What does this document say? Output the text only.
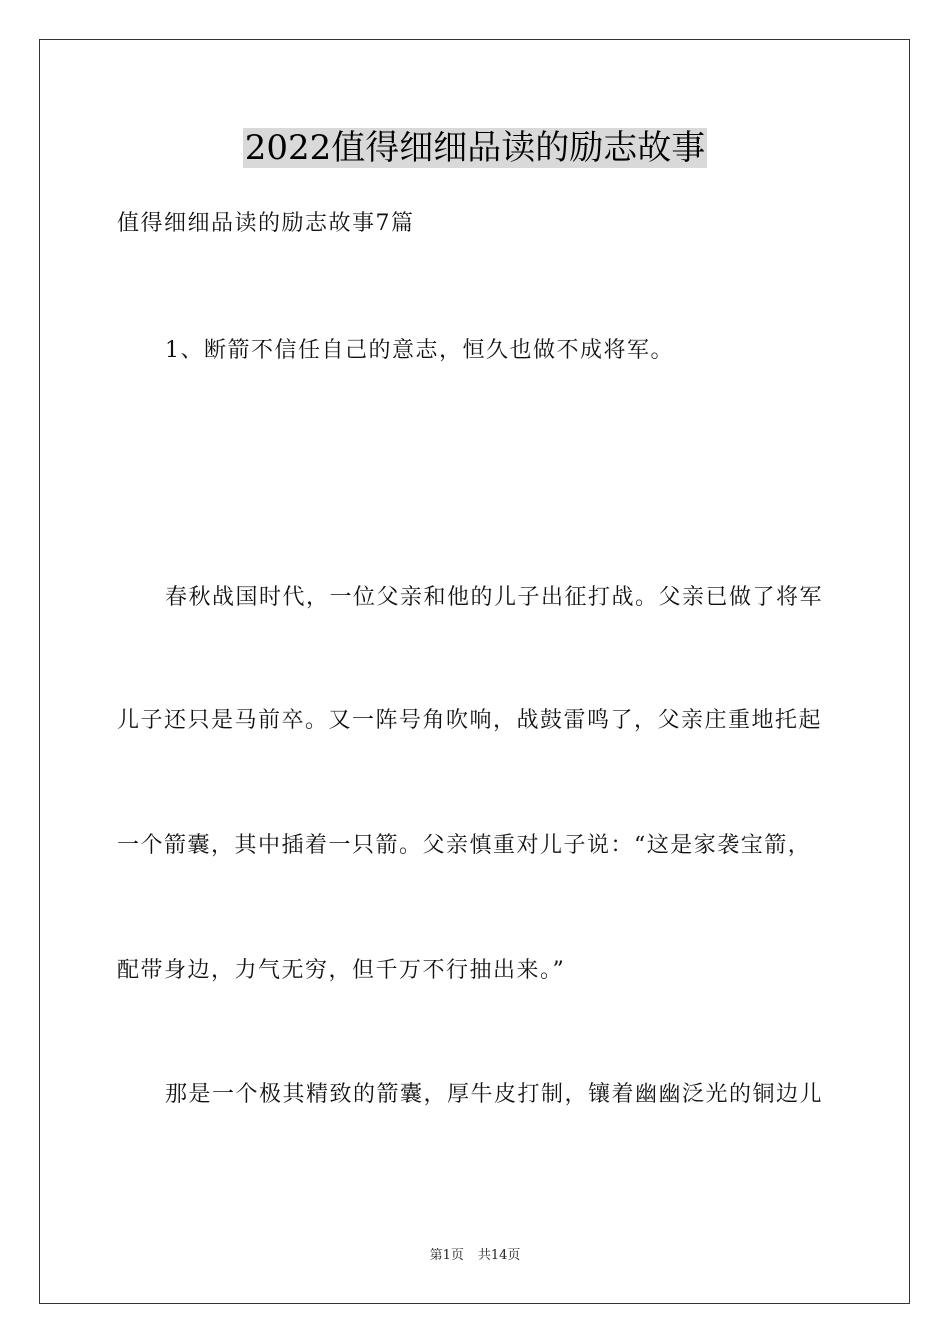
2022值得细细品读的励志故事
值得细细品读的励志故事7篇
1、断箭不信任自己的意志，恒久也做不成将军。
春秋战国时代，一位父亲和他的儿子出征打战。父亲已做了将军
儿子还只是马前卒。又一阵号角吹响，战鼓雷鸣了，父亲庄重地托起
一个箭囊，其中插着一只箭。父亲慎重对儿子说：“这是家袭宝箭，
配带身边，力气无穷，但千万不行抽出来。”
那是一个极其精致的箭囊，厚牛皮打制，镶着幽幽泛光的铜边儿
第1页 共14页
